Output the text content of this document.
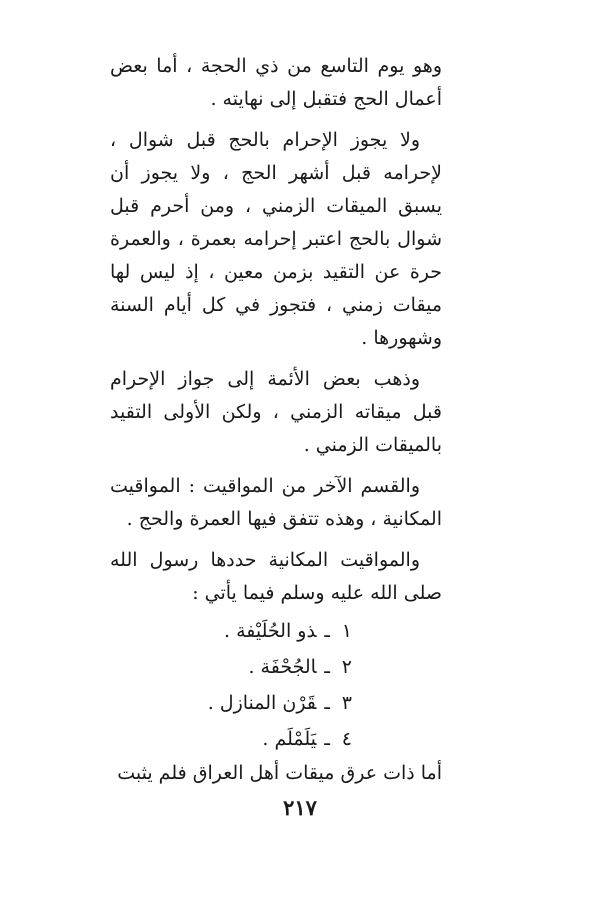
وهو يوم التاسع من ذي الحجة ، أما بعض أعمال الحج فتقبل إلى نهايته .

ولا يجوز الإحرام بالحج قبل شوال ، لإحرامه قبل أشهر الحج ، ولا يجوز أن يسبق الميقات الزمني ، ومن أحرم قبل شوال بالحج اعتبر إحرامه بعمرة ، والعمرة حرة عن التقيد بزمن معين ، إذ ليس لها ميقات زمني ، فتجوز في كل أيام السنة وشهورها .

وذهب بعض الأئمة إلى جواز الإحرام قبل ميقاته الزمني ، ولكن الأولى التقيد بالميقات الزمني .

والقسم الآخر من المواقيت : المواقيت المكانية ، وهذه تتفق فيها العمرة والحج .

والمواقيت المكانية حددها رسول الله صلى الله عليه وسلم فيما يأتي :

١ـذو الحُلَيْفة .
٢ـالجُحْفَة .
٣ـقَرْن المنازل .
٤ـيَلَمْلَم .

أما ذات عرق ميقات أهل العراق فلم يثبت

٢١٧
